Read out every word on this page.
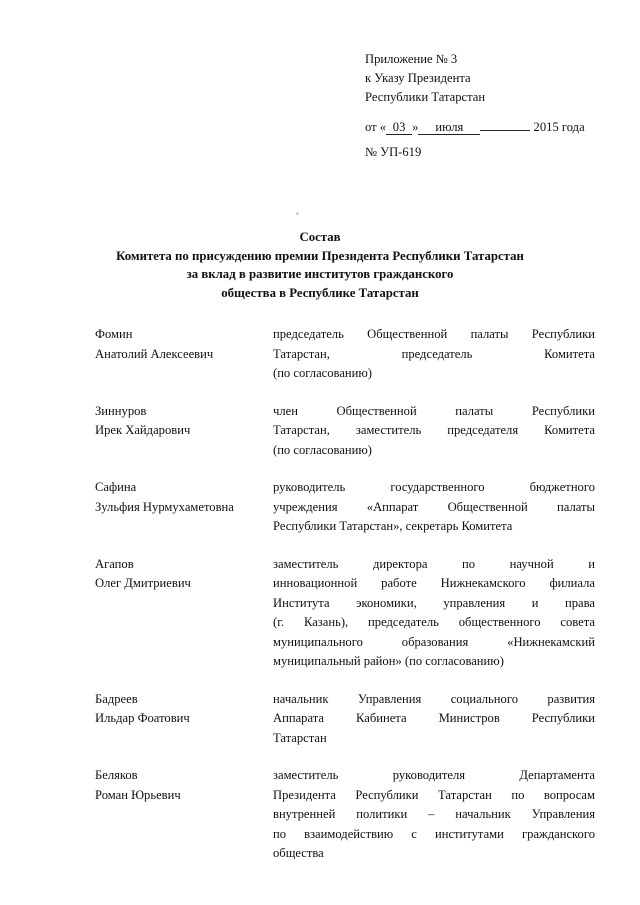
Приложение № 3
к Указу Президента
Республики Татарстан
от « 03 » июля	2015 года
№ УП-619
Состав
Комитета по присуждению премии Президента Республики Татарстан
за вклад в развитие институтов гражданского
общества в Республике Татарстан
Фомин
Анатолий Алексеевич
председатель Общественной палаты Республики
Татарстан, председатель Комитета
(по согласованию)
Зиннуров
Ирек Хайдарович
член Общественной палаты Республики
Татарстан, заместитель председателя Комитета
(по согласованию)
Сафина
Зульфия Нурмухаметовна
руководитель государственного бюджетного
учреждения «Аппарат Общественной палаты
Республики Татарстан», секретарь Комитета
Агапов
Олег Дмитриевич
заместитель директора по научной и
инновационной работе Нижнекамского филиала
Института экономики, управления и права
(г. Казань), председатель общественного совета
муниципального образования «Нижнекамский
муниципальный район» (по согласованию)
Бадреев
Ильдар Фоатович
начальник Управления социального развития
Аппарата Кабинета Министров Республики
Татарстан
Беляков
Роман Юрьевич
заместитель руководителя Департамента
Президента Республики Татарстан по вопросам
внутренней политики – начальник Управления
по взаимодействию с институтами гражданского
общества
